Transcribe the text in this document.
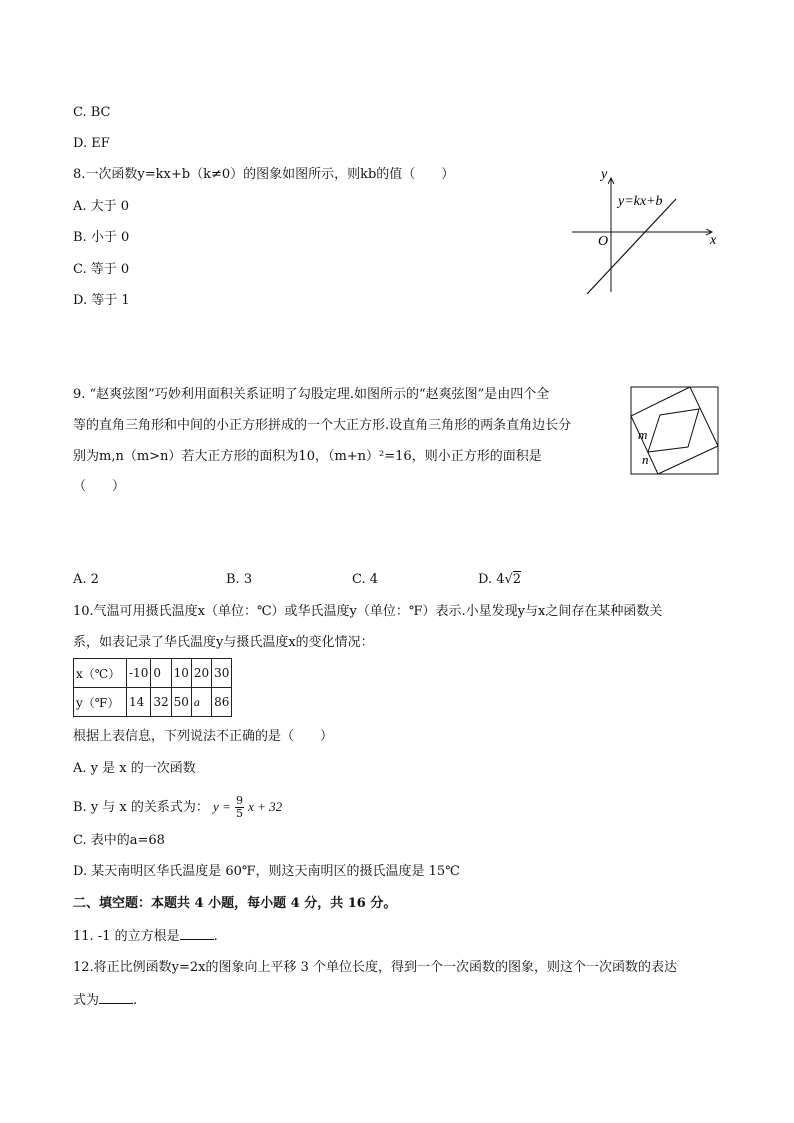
C. BC
D. EF
8.一次函数y=kx+b（k≠0）的图象如图所示，则kb的值（　　）
A. 大于 0
B. 小于 0
C. 等于 0
D. 等于 1
y
x
O
y=kx+b
9. “赵爽弦图”巧妙利用面积关系证明了勾股定理.如图所示的“赵爽弦图”是由四个全
等的直角三角形和中间的小正方形拼成的一个大正方形.设直角三角形的两条直角边长分
别为m,n（m>n）若大正方形的面积为10，（m+n）²=16，则小正方形的面积是
（　　）
m
n
A. 2	B. 3	C. 4	D. 4√2
10.气温可用摄氏温度x（单位：℃）或华氏温度y（单位：℉）表示.小星发现y与x之间存在某种函数关
系，如表记录了华氏温度y与摄氏温度x的变化情况：
x（℃）	-10	0	10	20	30
y（℉）	14	32	50	a	86
根据上表信息，下列说法不正确的是（　　）
A. y 是 x 的一次函数
B. y 与 x 的关系式为： $y = \frac{9}{5}$ x + 32
C. 表中的a=68
D. 某天南明区华氏温度是 60℉，则这天南明区的摄氏温度是 15℃
二、填空题：本题共 4 小题，每小题 4 分，共 16 分。
11. -1 的立方根是	.
12.将正比例函数y=2x的图象向上平移 3 个单位长度，得到一个一次函数的图象，则这个一次函数的表达
式为	.
